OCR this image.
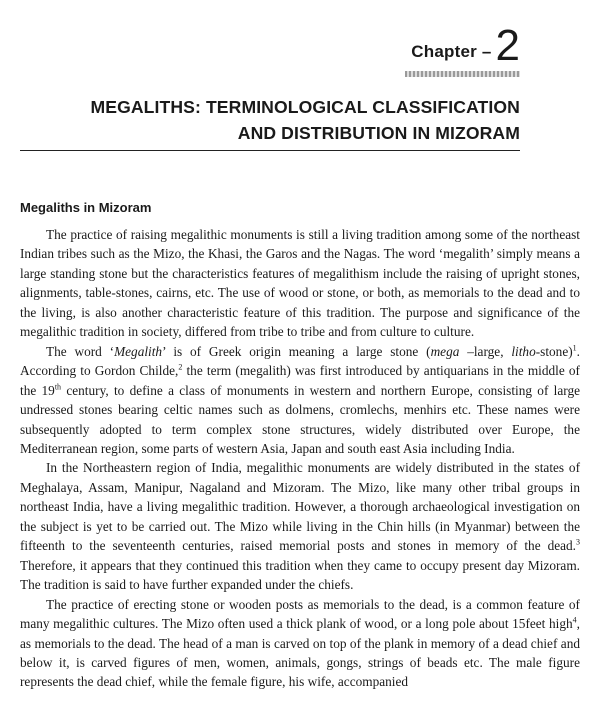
Chapter – 2
MEGALITHS: TERMINOLOGICAL CLASSIFICATION
AND DISTRIBUTION IN MIZORAM
Megaliths in Mizoram

The practice of raising megalithic monuments is still a living tradition among some of the northeast Indian tribes such as the Mizo, the Khasi, the Garos and the Nagas. The word ‘megalith’ simply means a large standing stone but the characteristics features of megalithism include the raising of upright stones, alignments, table-stones, cairns, etc. The use of wood or stone, or both, as memorials to the dead and to the living, is also another characteristic feature of this tradition. The purpose and significance of the megalithic tradition in society, differed from tribe to tribe and from culture to culture.

The word ‘Megalith’ is of Greek origin meaning a large stone (mega –large, litho-stone)$^1$. According to Gordon Childe,$^2$ the term (megalith) was first introduced by antiquarians in the middle of the 19th century, to define a class of monuments in western and northern Europe, consisting of large undressed stones bearing celtic names such as dolmens, cromlechs, menhirs etc. These names were subsequently adopted to term complex stone structures, widely distributed over Europe, the Mediterranean region, some parts of western Asia, Japan and south east Asia including India.

In the Northeastern region of India, megalithic monuments are widely distributed in the states of Meghalaya, Assam, Manipur, Nagaland and Mizoram. The Mizo, like many other tribal groups in northeast India, have a living megalithic tradition. However, a thorough archaeological investigation on the subject is yet to be carried out. The Mizo while living in the Chin hills (in Myanmar) between the fifteenth to the seventeenth centuries, raised memorial posts and stones in memory of the dead.$^3$ Therefore, it appears that they continued this tradition when they came to occupy present day Mizoram. The tradition is said to have further expanded under the chiefs.

The practice of erecting stone or wooden posts as memorials to the dead, is a common feature of many megalithic cultures. The Mizo often used a thick plank of wood, or a long pole about 15feet high$^4$, as memorials to the dead. The head of a man is carved on top of the plank in memory of a dead chief and below it, is carved figures of men, women, animals, gongs, strings of beads etc. The male figure represents the dead chief, while the female figure, his wife, accompanied
